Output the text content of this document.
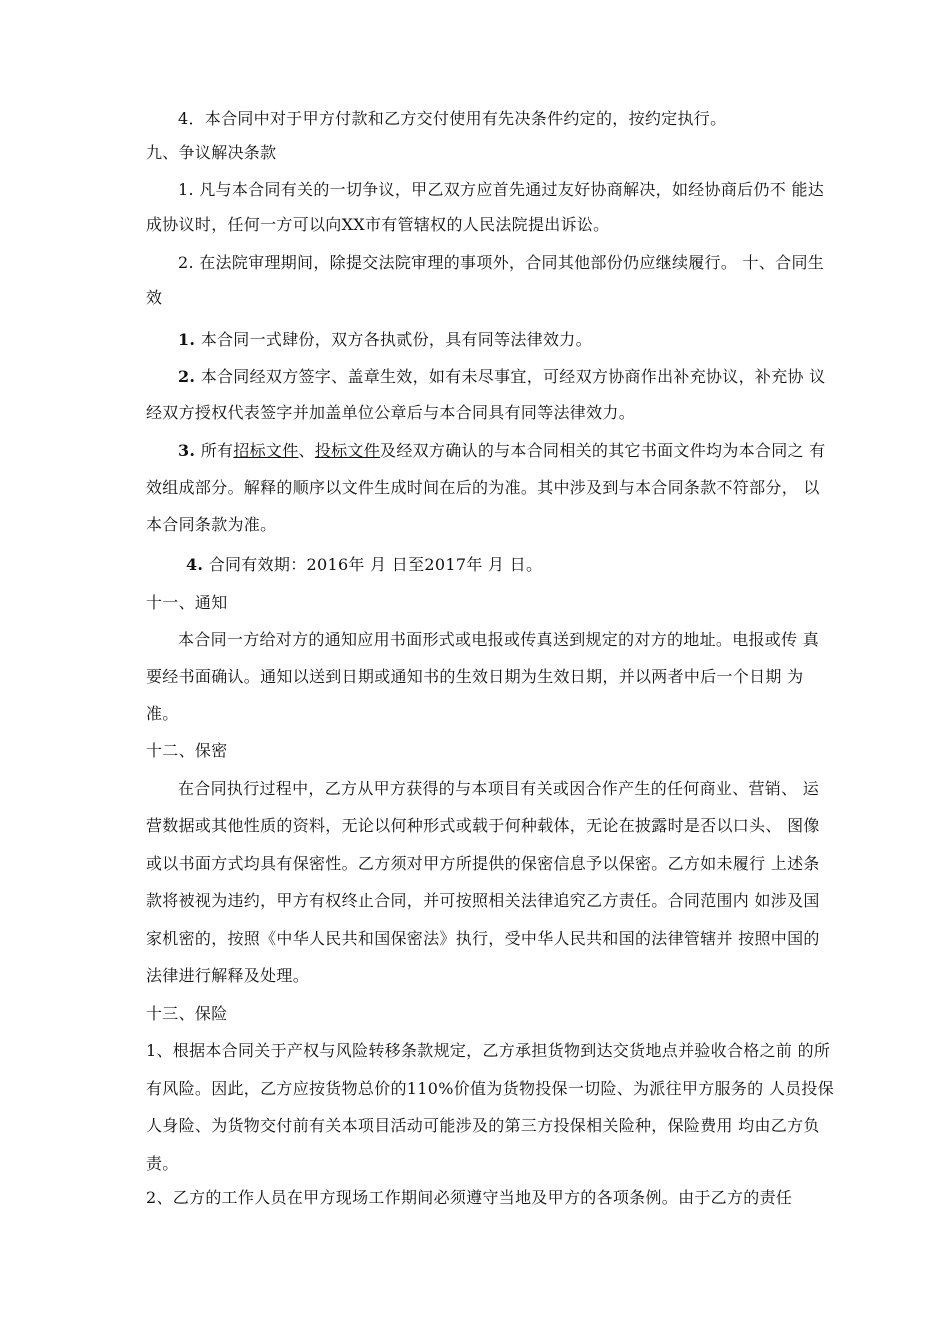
4．本合同中对于甲方付款和乙方交付使用有先决条件约定的，按约定执行。
九、争议解决条款
1. 凡与本合同有关的一切争议，甲乙双方应首先通过友好协商解决，如经协商后仍不 能达
成协议时，任何一方可以向XX市有管辖权的人民法院提出诉讼。
2. 在法院审理期间，除提交法院审理的事项外，合同其他部份仍应继续履行。 十、合同生
效
1. 本合同一式肆份，双方各执贰份，具有同等法律效力。
2. 本合同经双方签字、盖章生效，如有未尽事宜，可经双方协商作出补充协议，补充协 议
经双方授权代表签字并加盖单位公章后与本合同具有同等法律效力。
3. 所有招标文件、投标文件及经双方确认的与本合同相关的其它书面文件均为本合同之 有
效组成部分。解释的顺序以文件生成时间在后的为准。其中涉及到与本合同条款不符部分， 以
本合同条款为准。
4. 合同有效期：2016年 月 日至2017年 月 日。
十一、通知
本合同一方给对方的通知应用书面形式或电报或传真送到规定的对方的地址。电报或传 真
要经书面确认。通知以送到日期或通知书的生效日期为生效日期，并以两者中后一个日期 为
准。
十二、保密
在合同执行过程中，乙方从甲方获得的与本项目有关或因合作产生的任何商业、营销、 运
营数据或其他性质的资料，无论以何种形式或载于何种载体，无论在披露时是否以口头、 图像
或以书面方式均具有保密性。乙方须对甲方所提供的保密信息予以保密。乙方如未履行 上述条
款将被视为违约，甲方有权终止合同，并可按照相关法律追究乙方责任。合同范围内 如涉及国
家机密的，按照《中华人民共和国保密法》执行，受中华人民共和国的法律管辖并 按照中国的
法律进行解释及处理。
十三、保险
1、根据本合同关于产权与风险转移条款规定，乙方承担货物到达交货地点并验收合格之前 的所
有风险。因此，乙方应按货物总价的110%价值为货物投保一切险、为派往甲方服务的 人员投保
人身险、为货物交付前有关本项目活动可能涉及的第三方投保相关险种，保险费用 均由乙方负
责。
2、乙方的工作人员在甲方现场工作期间必须遵守当地及甲方的各项条例。由于乙方的责任
